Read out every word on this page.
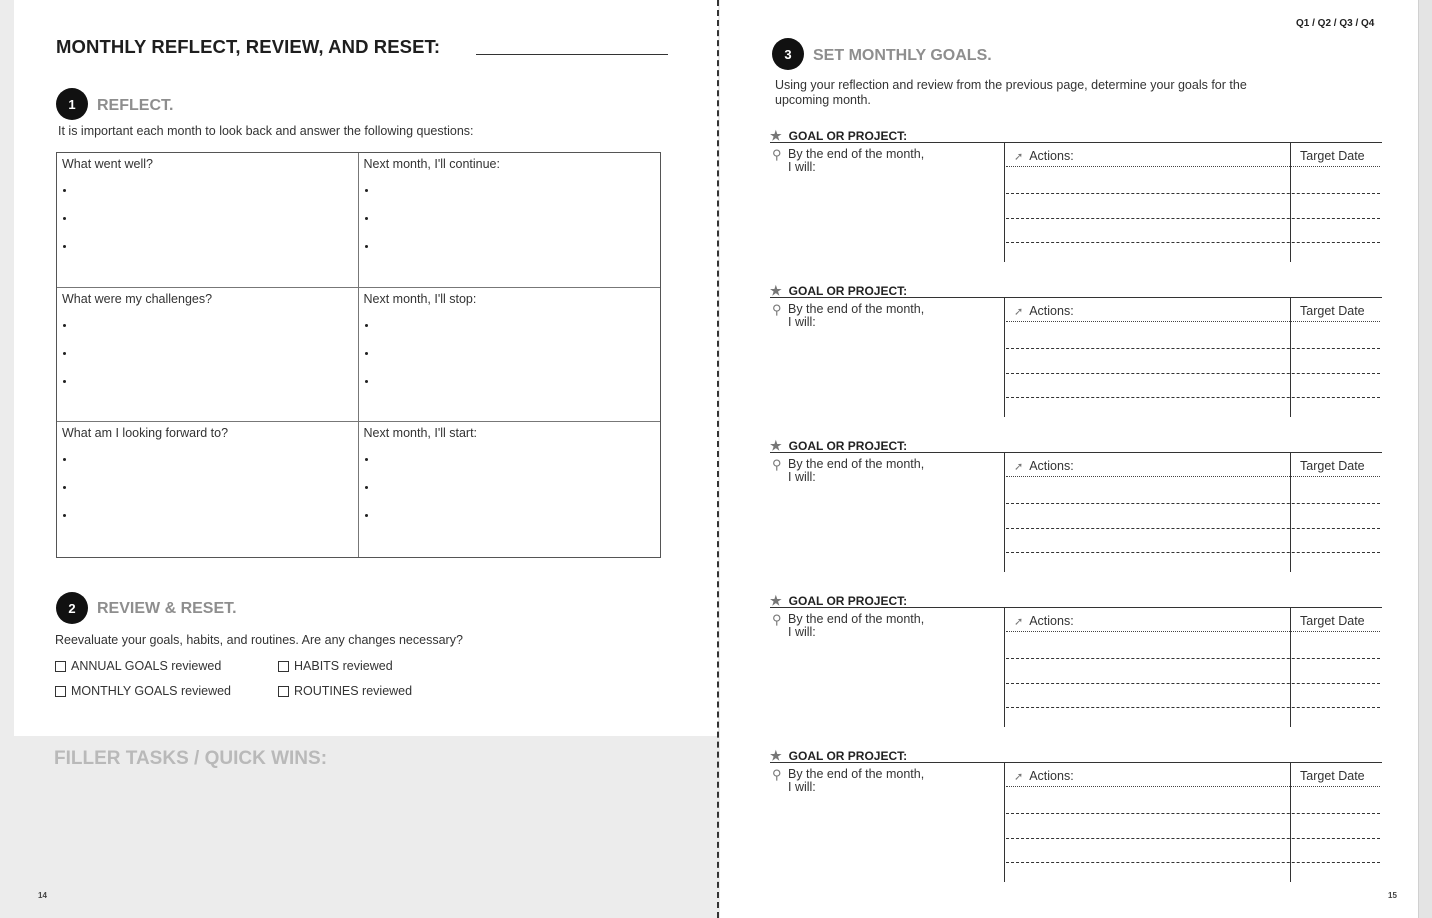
MONTHLY REFLECT, REVIEW, AND RESET:
1	REFLECT.
It is important each month to look back and answer the following questions:
What went well?	Next month, I'll continue:
What were my challenges?	Next month, I'll stop:
What am I looking forward to?	Next month, I'll start:
2	REVIEW & RESET.
Reevaluate your goals, habits, and routines. Are any changes necessary?
ANNUAL GOALS reviewed	HABITS reviewed
MONTHLY GOALS reviewed	ROUTINES reviewed
FILLER TASKS / QUICK WINS:
14
Q1 / Q2 / Q3 / Q4
3	SET MONTHLY GOALS.
Using your reflection and review from the previous page, determine your goals for the
upcoming month.
★ GOAL OR PROJECT:
⚲ By the end of the month,
I will:
➚ Actions:	Target Date
★ GOAL OR PROJECT:
⚲ By the end of the month,
I will:
➚ Actions:	Target Date
★ GOAL OR PROJECT:
⚲ By the end of the month,
I will:
➚ Actions:	Target Date
★ GOAL OR PROJECT:
⚲ By the end of the month,
I will:
➚ Actions:	Target Date
★ GOAL OR PROJECT:
⚲ By the end of the month,
I will:
➚ Actions:	Target Date
15
